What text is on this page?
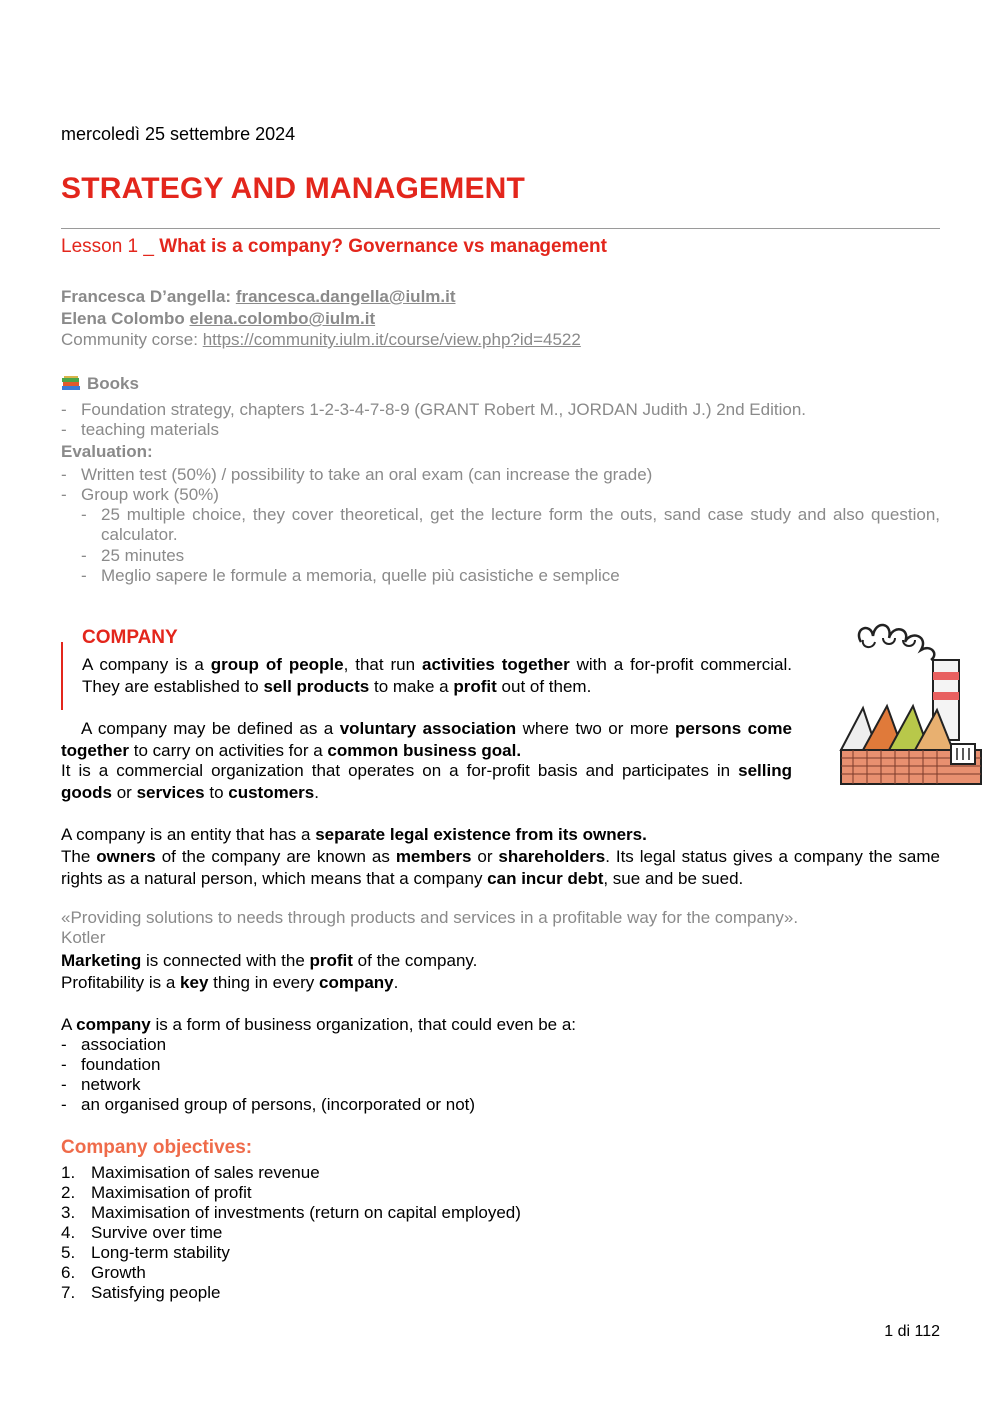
mercoledì 25 settembre 2024
STRATEGY AND MANAGEMENT
Lesson 1 _ What is a company? Governance vs management
Francesca D’angella: francesca.dangella@iulm.it
Elena Colombo elena.colombo@iulm.it
Community corse: https://community.iulm.it/course/view.php?id=4522
Books
- Foundation strategy, chapters 1-2-3-4-7-8-9 (GRANT Robert M., JORDAN Judith J.) 2nd Edition.
- teaching materials
Evaluation:
- Written test (50%) / possibility to take an oral exam (can increase the grade)
- Group work (50%)
- 25 multiple choice, they cover theoretical, get the lecture form the outs, sand case study and also question, calculator.
- 25 minutes
- Meglio sapere le formule a memoria, quelle più casistiche e semplice
COMPANY
A company is a group of people, that run activities together with a for-profit commercial. They are established to sell products to make a profit out of them.
A company may be defined as a voluntary association where two or more persons come together to carry on activities for a common business goal.
It is a commercial organization that operates on a for-profit basis and participates in selling goods or services to customers.
A company is an entity that has a separate legal existence from its owners.
The owners of the company are known as members or shareholders. Its legal status gives a company the same rights as a natural person, which means that a company can incur debt, sue and be sued.
«Providing solutions to needs through products and services in a profitable way for the company».
Kotler
Marketing is connected with the profit of the company.
Profitability is a key thing in every company.
A company is a form of business organization, that could even be a:
- association
- foundation
- network
- an organised group of persons, (incorporated or not)
Company objectives:
1. Maximisation of sales revenue
2. Maximisation of profit
3. Maximisation of investments (return on capital employed)
4. Survive over time
5. Long-term stability
6. Growth
7. Satisfying people
1 di 112
